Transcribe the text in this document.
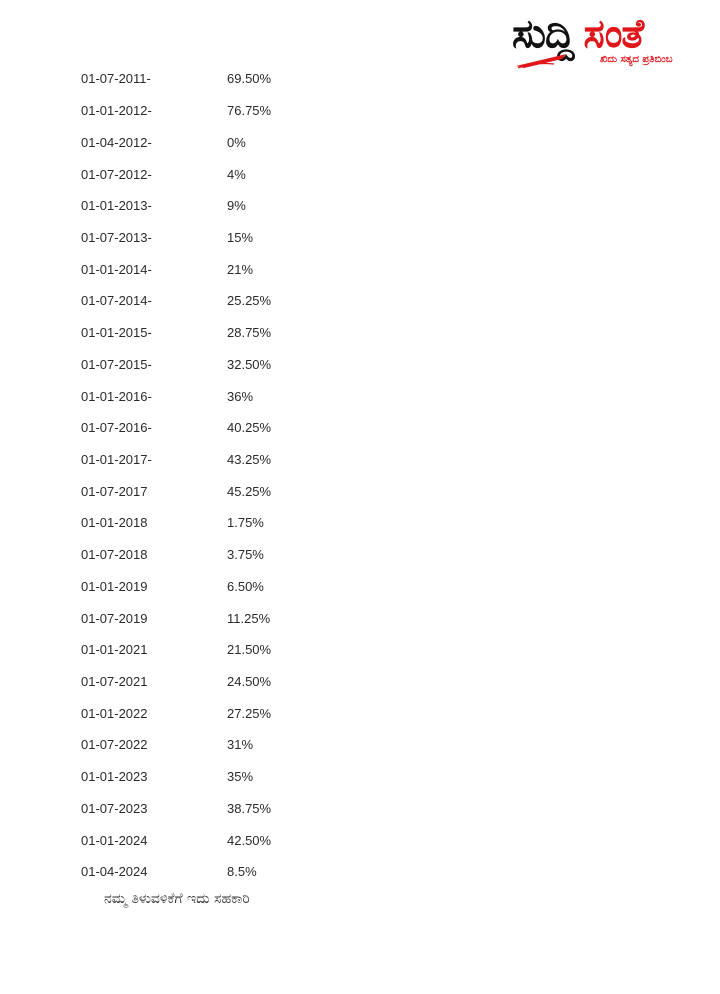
ಸುದ್ದಿ ಸಂತೆ
ಖಿದು ಸತ್ಯದ ಪ್ರತಿಬಿಂಬ
01-07-2011-	69.50%
01-01-2012-	76.75%
01-04-2012-	0%
01-07-2012-	4%
01-01-2013-	9%
01-07-2013-	15%
01-01-2014-	21%
01-07-2014-	25.25%
01-01-2015-	28.75%
01-07-2015-	32.50%
01-01-2016-	36%
01-07-2016-	40.25%
01-01-2017-	43.25%
01-07-2017	45.25%
01-01-2018	1.75%
01-07-2018	3.75%
01-01-2019	6.50%
01-07-2019	11.25%
01-01-2021	21.50%
01-07-2021	24.50%
01-01-2022	27.25%
01-07-2022	31%
01-01-2023	35%
01-07-2023	38.75%
01-01-2024	42.50%
01-04-2024	8.5%
ನಮ್ಮ ತಿಳುವಳಿಕೆಗೆ ಇದು ಸಹಕಾರಿ
